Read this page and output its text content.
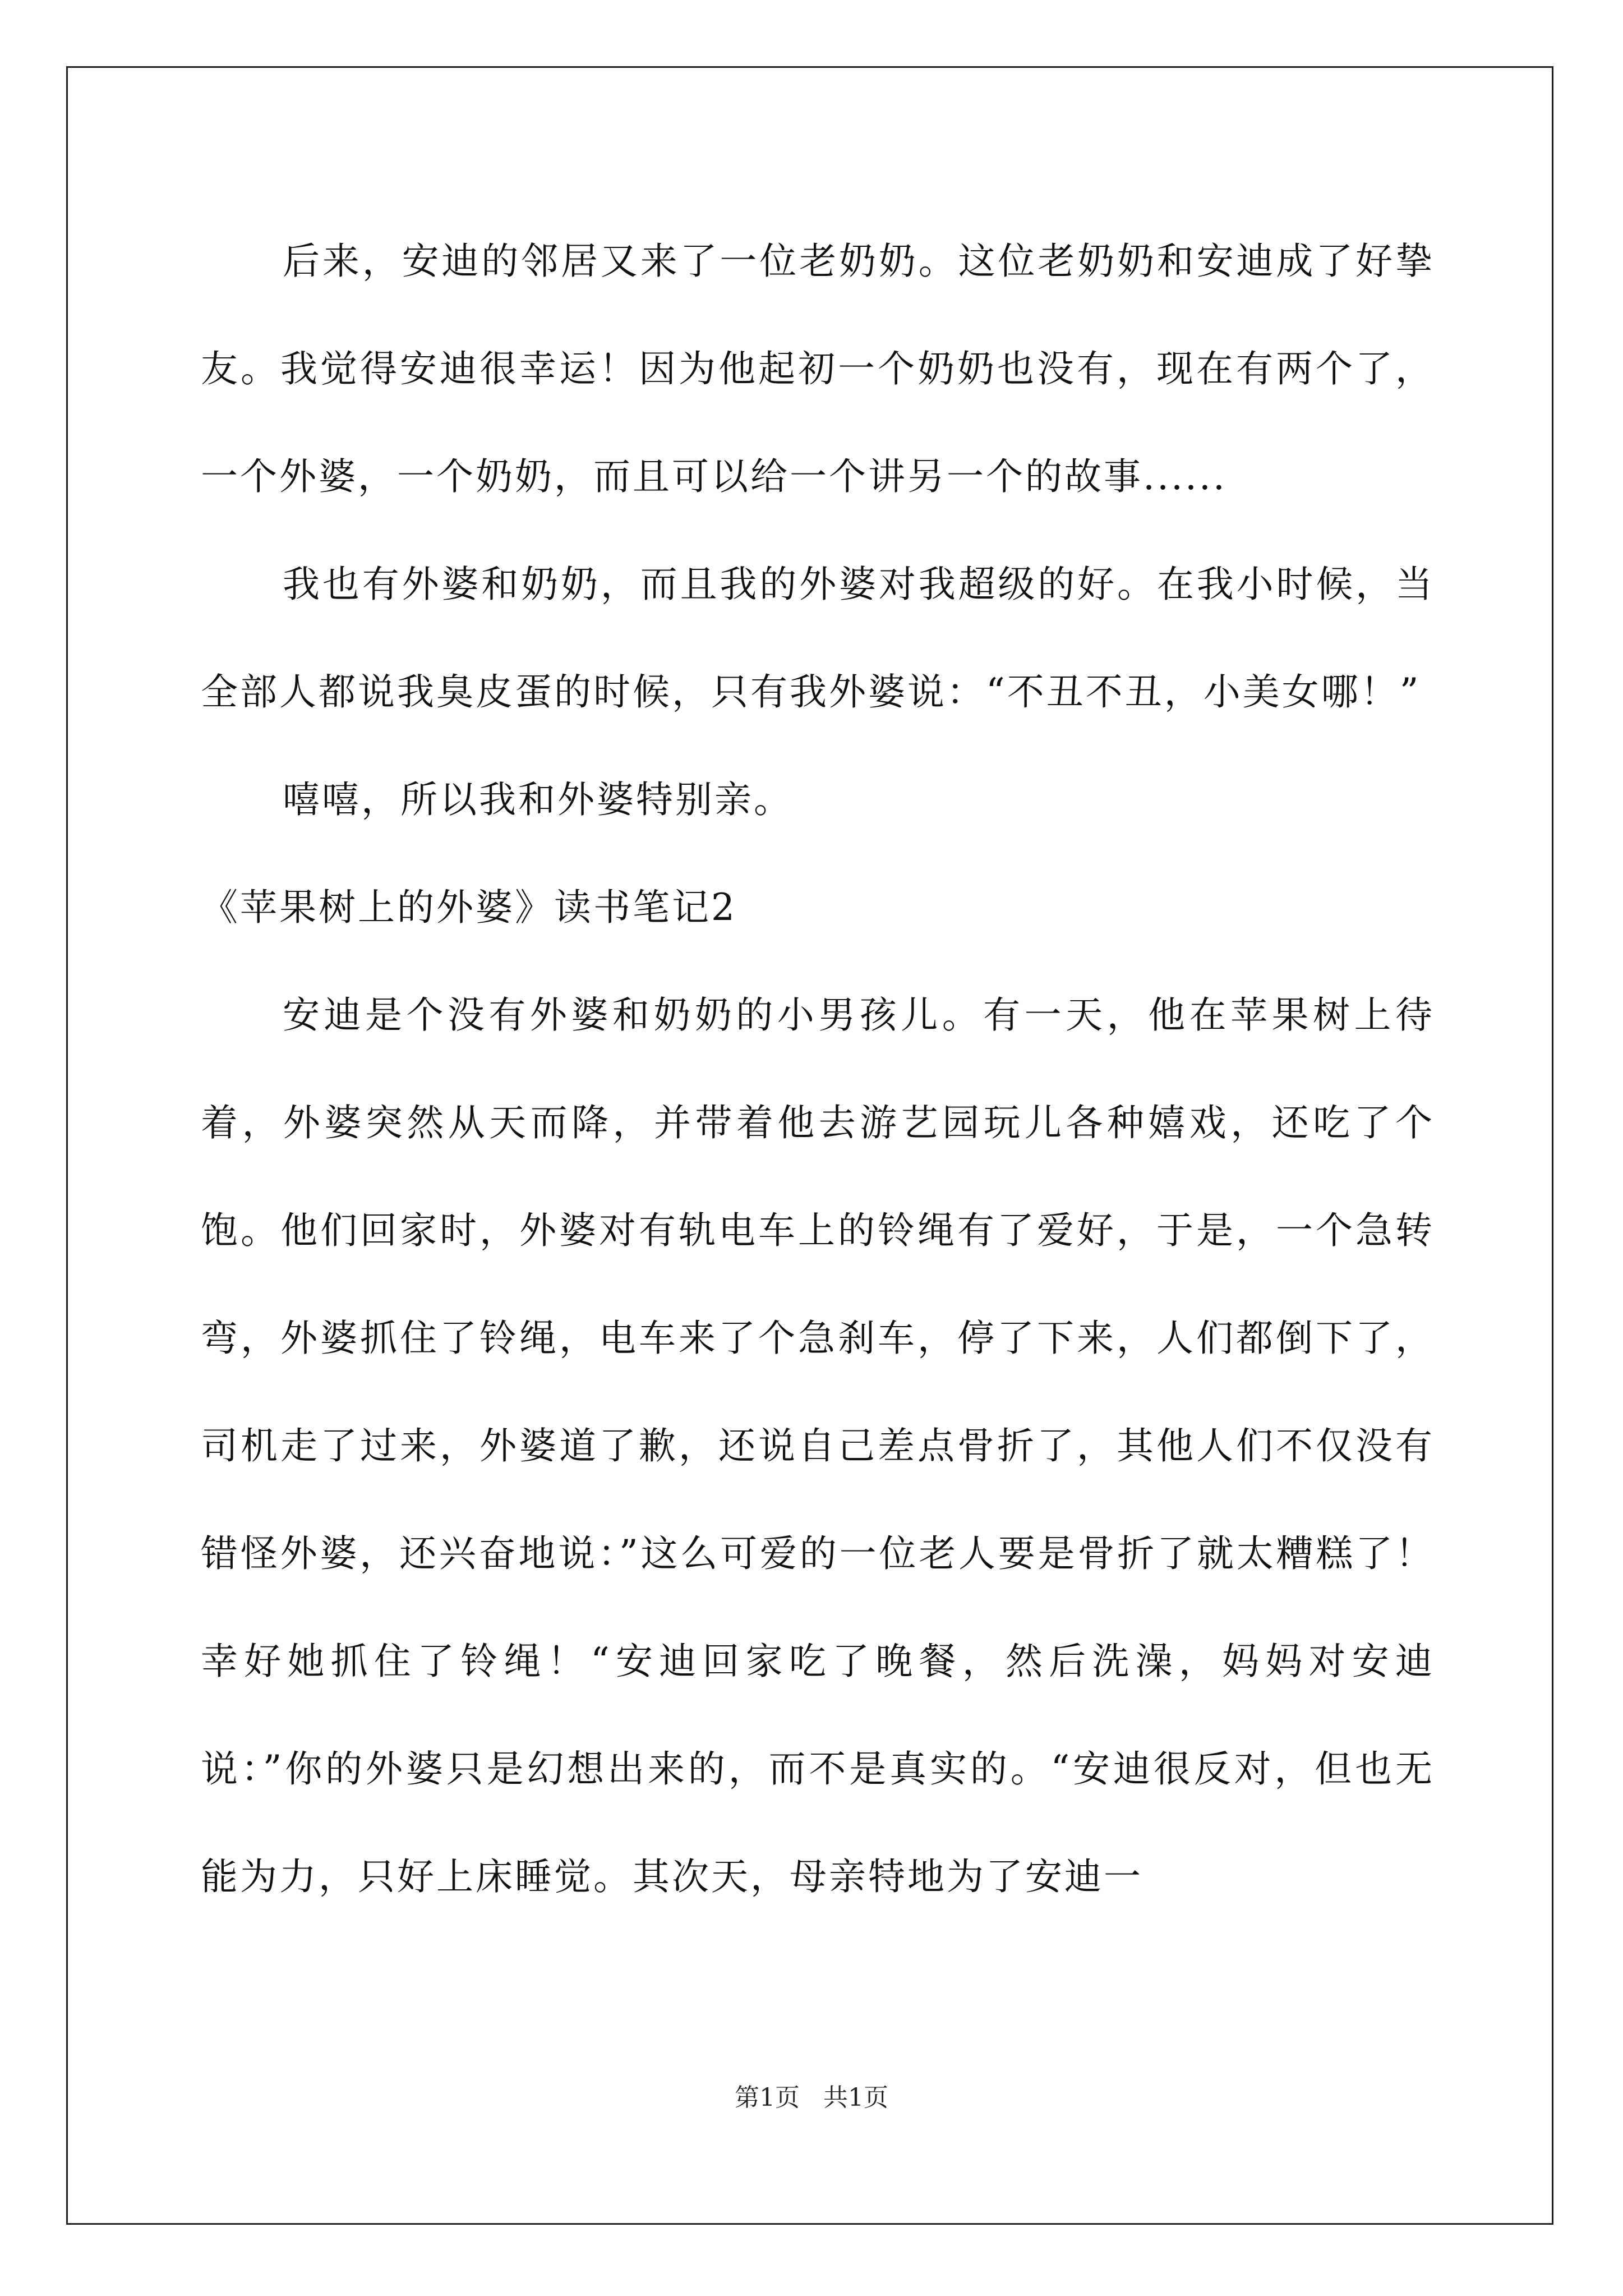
后来，安迪的邻居又来了一位老奶奶。这位老奶奶和安迪成了好挚友。我觉得安迪很幸运！因为他起初一个奶奶也没有，现在有两个了，一个外婆，一个奶奶，而且可以给一个讲另一个的故事......

我也有外婆和奶奶，而且我的外婆对我超级的好。在我小时候，当全部人都说我臭皮蛋的时候，只有我外婆说：“不丑不丑，小美女哪！”

嘻嘻，所以我和外婆特别亲。

《苹果树上的外婆》读书笔记2

安迪是个没有外婆和奶奶的小男孩儿。有一天，他在苹果树上待着，外婆突然从天而降，并带着他去游艺园玩儿各种嬉戏，还吃了个饱。他们回家时，外婆对有轨电车上的铃绳有了爱好，于是，一个急转弯，外婆抓住了铃绳，电车来了个急刹车，停了下来，人们都倒下了，司机走了过来，外婆道了歉，还说自己差点骨折了，其他人们不仅没有错怪外婆，还兴奋地说：”这么可爱的一位老人要是骨折了就太糟糕了！幸好她抓住了铃绳！“安迪回家吃了晚餐，然后洗澡，妈妈对安迪说：”你的外婆只是幻想出来的，而不是真实的。“安迪很反对，但也无能为力，只好上床睡觉。其次天，母亲特地为了安迪一

第1页 共1页
